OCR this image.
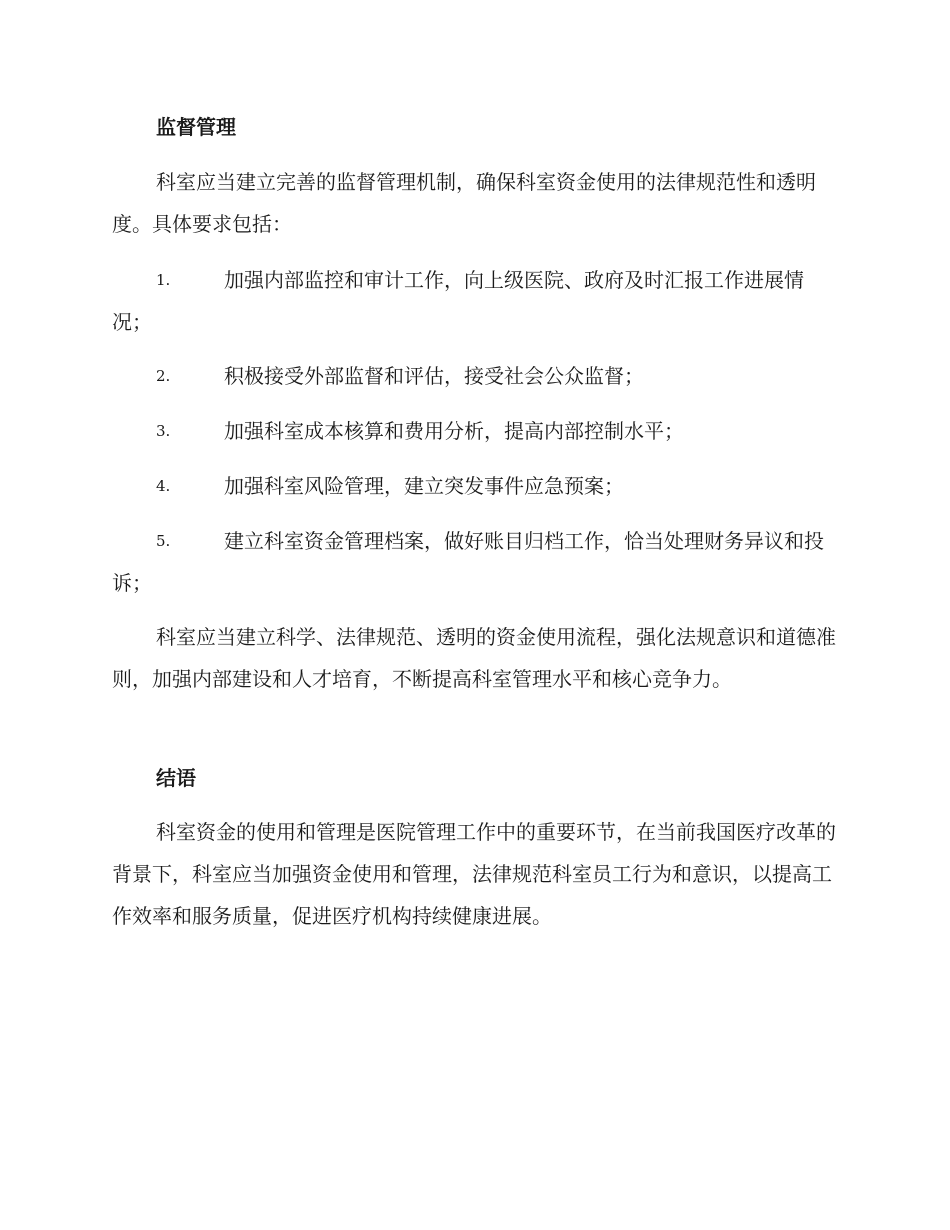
监督管理

科室应当建立完善的监督管理机制，确保科室资金使用的法律规范性和透明度。具体要求包括：

1.	加强内部监控和审计工作，向上级医院、政府及时汇报工作进展情况；
2.	积极接受外部监督和评估，接受社会公众监督；
3.	加强科室成本核算和费用分析，提高内部控制水平；
4.	加强科室风险管理，建立突发事件应急预案；
5.	建立科室资金管理档案，做好账目归档工作，恰当处理财务异议和投诉；

科室应当建立科学、法律规范、透明的资金使用流程，强化法规意识和道德准则，加强内部建设和人才培育，不断提高科室管理水平和核心竞争力。

结语

科室资金的使用和管理是医院管理工作中的重要环节，在当前我国医疗改革的背景下，科室应当加强资金使用和管理，法律规范科室员工行为和意识，以提高工作效率和服务质量，促进医疗机构持续健康进展。
